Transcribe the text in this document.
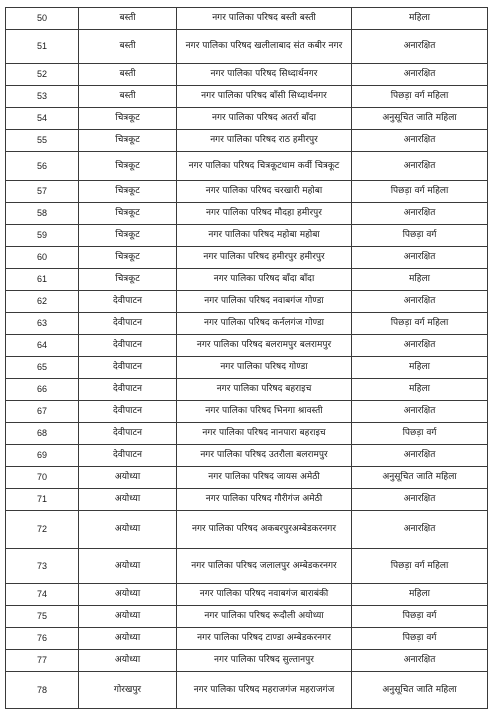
50	बस्ती	नगर पालिका परिषद बस्ती बस्ती	महिला
51	बस्ती	नगर पालिका परिषद खलीलाबाद संत कबीर नगर	अनारक्षित
52	बस्ती	नगर पालिका परिषद सिध्दार्थनगर	अनारक्षित
53	बस्ती	नगर पालिका परिषद बाँसी सिध्दार्थनगर	पिछड़ा वर्ग महिला
54	चित्रकूट	नगर पालिका परिषद अतर्रा बाँदा	अनुसूचित जाति महिला
55	चित्रकूट	नगर पालिका परिषद राठ हमीरपुर	अनारक्षित
56	चित्रकूट	नगर पालिका परिषद चित्रकूटधाम कर्वी चित्रकूट	अनारक्षित
57	चित्रकूट	नगर पालिका परिषद चरखारी महोबा	पिछड़ा वर्ग महिला
58	चित्रकूट	नगर पालिका परिषद मौदहा हमीरपुर	अनारक्षित
59	चित्रकूट	नगर पालिका परिषद महोबा महोबा	पिछड़ा वर्ग
60	चित्रकूट	नगर पालिका परिषद हमीरपुर हमीरपुर	अनारक्षित
61	चित्रकूट	नगर पालिका परिषद बाँदा बाँदा	महिला
62	देवीपाटन	नगर पालिका परिषद नवाबगंज गोण्डा	अनारक्षित
63	देवीपाटन	नगर पालिका परिषद कर्नलगंज गोण्डा	पिछड़ा वर्ग महिला
64	देवीपाटन	नगर पालिका परिषद बलरामपुर बलरामपुर	अनारक्षित
65	देवीपाटन	नगर पालिका परिषद गोण्डा	महिला
66	देवीपाटन	नगर पालिका परिषद बहराइच	महिला
67	देवीपाटन	नगर पालिका परिषद भिनगा श्रावस्ती	अनारक्षित
68	देवीपाटन	नगर पालिका परिषद नानपारा बहराइच	पिछड़ा वर्ग
69	देवीपाटन	नगर पालिका परिषद उतरौला बलरामपुर	अनारक्षित
70	अयोध्या	नगर पालिका परिषद जायस अमेठी	अनुसूचित जाति महिला
71	अयोध्या	नगर पालिका परिषद गौरीगंज अमेठी	अनारक्षित
72	अयोध्या	नगर पालिका परिषद अकबरपुरअम्बेडकरनगर	अनारक्षित
73	अयोध्या	नगर पालिका परिषद जलालपुर अम्बेडकरनगर	पिछड़ा वर्ग महिला
74	अयोध्या	नगर पालिका परिषद नवाबगंज बाराबंकी	महिला
75	अयोध्या	नगर पालिका परिषद रूदौली अयोध्या	पिछड़ा वर्ग
76	अयोध्या	नगर पालिका परिषद टाण्डा अम्बेडकरनगर	पिछड़ा वर्ग
77	अयोध्या	नगर पालिका परिषद सुल्तानपुर	अनारक्षित
78	गोरखपुर	नगर पालिका परिषद महराजगंज महराजगंज	अनुसूचित जाति महिला
